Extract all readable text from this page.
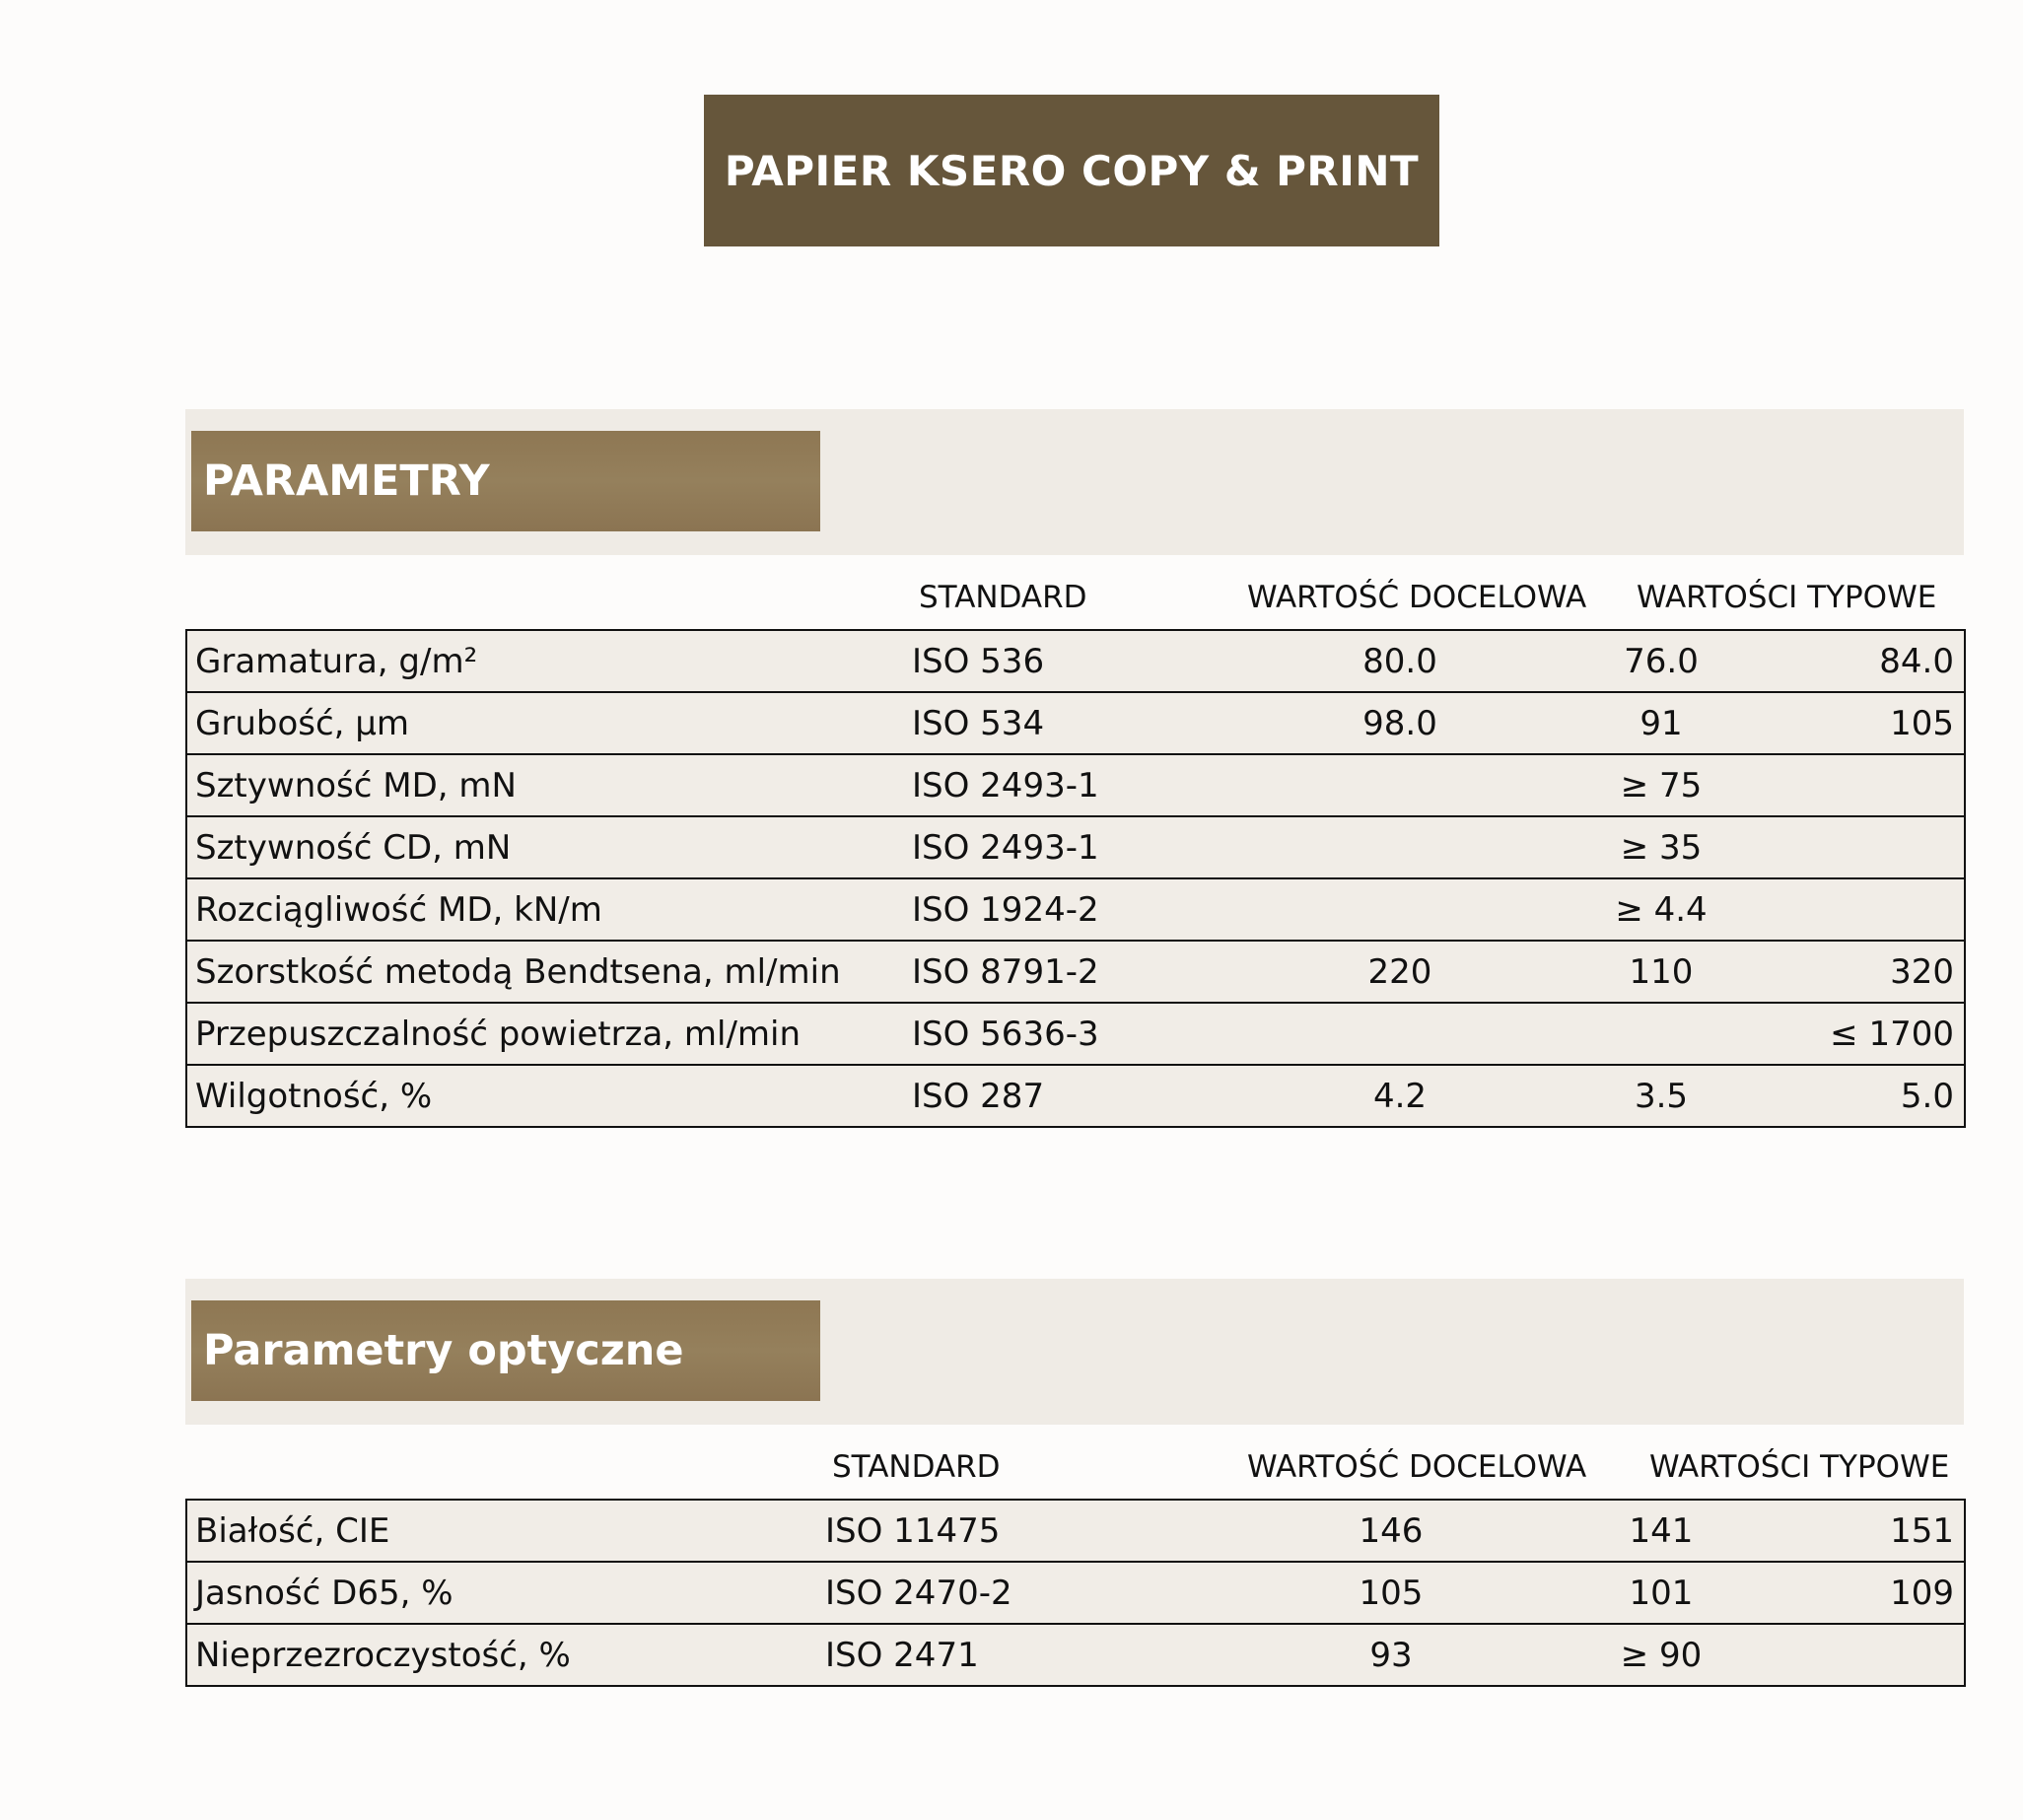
PAPIER KSERO COPY & PRINT
PARAMETRY
STANDARD	WARTOŚĆ DOCELOWA WARTOŚCI TYPOWE
Gramatura, g/m²	ISO 536	80.0	76.0	84.0
Grubość, µm	ISO 534	98.0	91	105
Sztywność MD, mN	ISO 2493-1		≥ 75	
Sztywność CD, mN	ISO 2493-1		≥ 35	
Rozciągliwość MD, kN/m	ISO 1924-2		≥ 4.4	
Szorstkość metodą Bendtsena, ml/min	ISO 8791-2	220	110	320
Przepuszczalność powietrza, ml/min	ISO 5636-3			≤ 1700
Wilgotność, %	ISO 287	4.2	3.5	5.0
Parametry optyczne
STANDARD	WARTOŚĆ DOCELOWA WARTOŚCI TYPOWE
Białość, CIE	ISO 11475	146	141	151
Jasność D65, %	ISO 2470-2	105	101	109
Nieprzezroczystość, %	ISO 2471	93	≥ 90	
